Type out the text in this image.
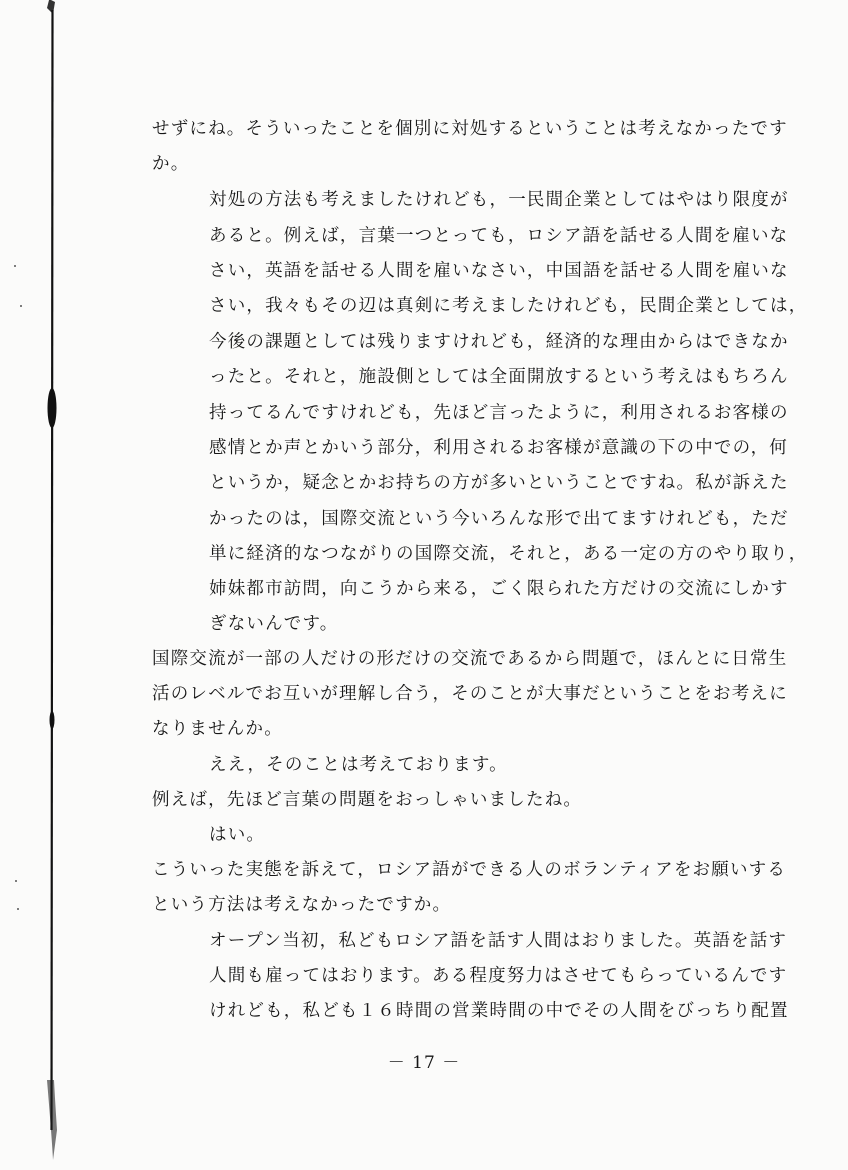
せずにね。そういったことを個別に対処するということは考えなかったです
か。
対処の方法も考えましたけれども，一民間企業としてはやはり限度が
あると。例えば，言葉一つとっても，ロシア語を話せる人間を雇いな
さい，英語を話せる人間を雇いなさい，中国語を話せる人間を雇いな
さい，我々もその辺は真剣に考えましたけれども，民間企業としては，
今後の課題としては残りますけれども，経済的な理由からはできなか
ったと。それと，施設側としては全面開放するという考えはもちろん
持ってるんですけれども，先ほど言ったように，利用されるお客様の
感情とか声とかいう部分，利用されるお客様が意識の下の中での，何
というか，疑念とかお持ちの方が多いということですね。私が訴えた
かったのは，国際交流という今いろんな形で出てますけれども，ただ
単に経済的なつながりの国際交流，それと，ある一定の方のやり取り，
姉妹都市訪問，向こうから来る，ごく限られた方だけの交流にしかす
ぎないんです。
国際交流が一部の人だけの形だけの交流であるから問題で，ほんとに日常生
活のレベルでお互いが理解し合う，そのことが大事だということをお考えに
なりませんか。
ええ，そのことは考えております。
例えば，先ほど言葉の問題をおっしゃいましたね。
はい。
こういった実態を訴えて，ロシア語ができる人のボランティアをお願いする
という方法は考えなかったですか。
オープン当初，私どもロシア語を話す人間はおりました。英語を話す
人間も雇ってはおります。ある程度努力はさせてもらっているんです
けれども，私ども１６時間の営業時間の中でその人間をびっちり配置
－ 17 －
